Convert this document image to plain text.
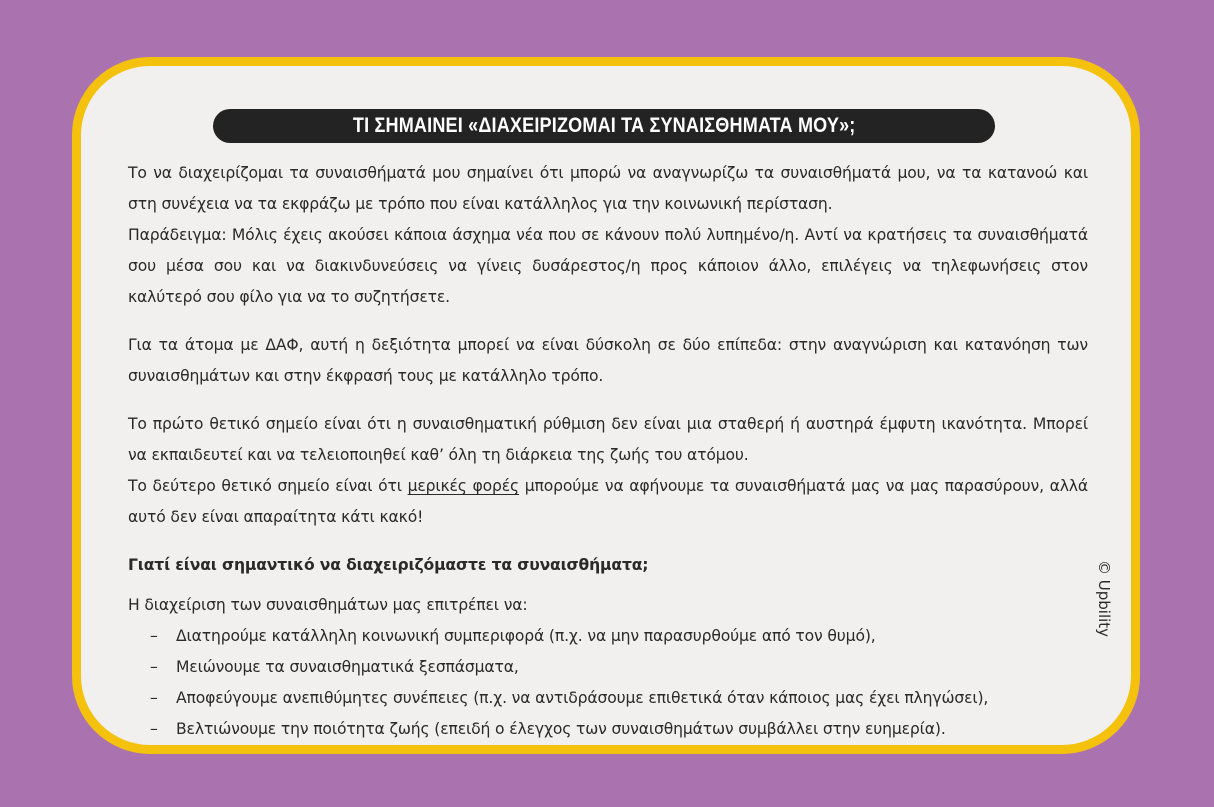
ΤΙ ΣΗΜΑΙΝΕΙ «ΔΙΑΧΕΙΡΙΖΟΜΑΙ ΤΑ ΣΥΝΑΙΣΘΗΜΑΤΑ ΜΟΥ»;

Το να διαχειρίζομαι τα συναισθήματά μου σημαίνει ότι μπορώ να αναγνωρίζω τα συναισθήματά μου, να τα κατανοώ και στη συνέχεια να τα εκφράζω με τρόπο που είναι κατάλληλος για την κοινωνική περίσταση.

Παράδειγμα: Μόλις έχεις ακούσει κάποια άσχημα νέα που σε κάνουν πολύ λυπημένο/η. Αντί να κρατήσεις τα συναισθήματά σου μέσα σου και να διακινδυνεύσεις να γίνεις δυσάρεστος/η προς κάποιον άλλο, επιλέγεις να τηλεφωνήσεις στον καλύτερό σου φίλο για να το συζητήσετε.

Για τα άτομα με ΔΑΦ, αυτή η δεξιότητα μπορεί να είναι δύσκολη σε δύο επίπεδα: στην αναγνώριση και κατανόηση των συναισθημάτων και στην έκφρασή τους με κατάλληλο τρόπο.

Το πρώτο θετικό σημείο είναι ότι η συναισθηματική ρύθμιση δεν είναι μια σταθερή ή αυστηρά έμφυτη ικανότητα. Μπορεί να εκπαιδευτεί και να τελειοποιηθεί καθ’ όλη τη διάρκεια της ζωής του ατόμου.

Το δεύτερο θετικό σημείο είναι ότι μερικές φορές μπορούμε να αφήνουμε τα συναισθήματά μας να μας παρασύρουν, αλλά αυτό δεν είναι απαραίτητα κάτι κακό!

Γιατί είναι σημαντικό να διαχειριζόμαστε τα συναισθήματα;

Η διαχείριση των συναισθημάτων μας επιτρέπει να:

–	Διατηρούμε κατάλληλη κοινωνική συμπεριφορά (π.χ. να μην παρασυρθούμε από τον θυμό),
–	Μειώνουμε τα συναισθηματικά ξεσπάσματα,
–	Αποφεύγουμε ανεπιθύμητες συνέπειες (π.χ. να αντιδράσουμε επιθετικά όταν κάποιος μας έχει πληγώσει),
–	Βελτιώνουμε την ποιότητα ζωής (επειδή ο έλεγχος των συναισθημάτων συμβάλλει στην ευημερία).
© Upbility
